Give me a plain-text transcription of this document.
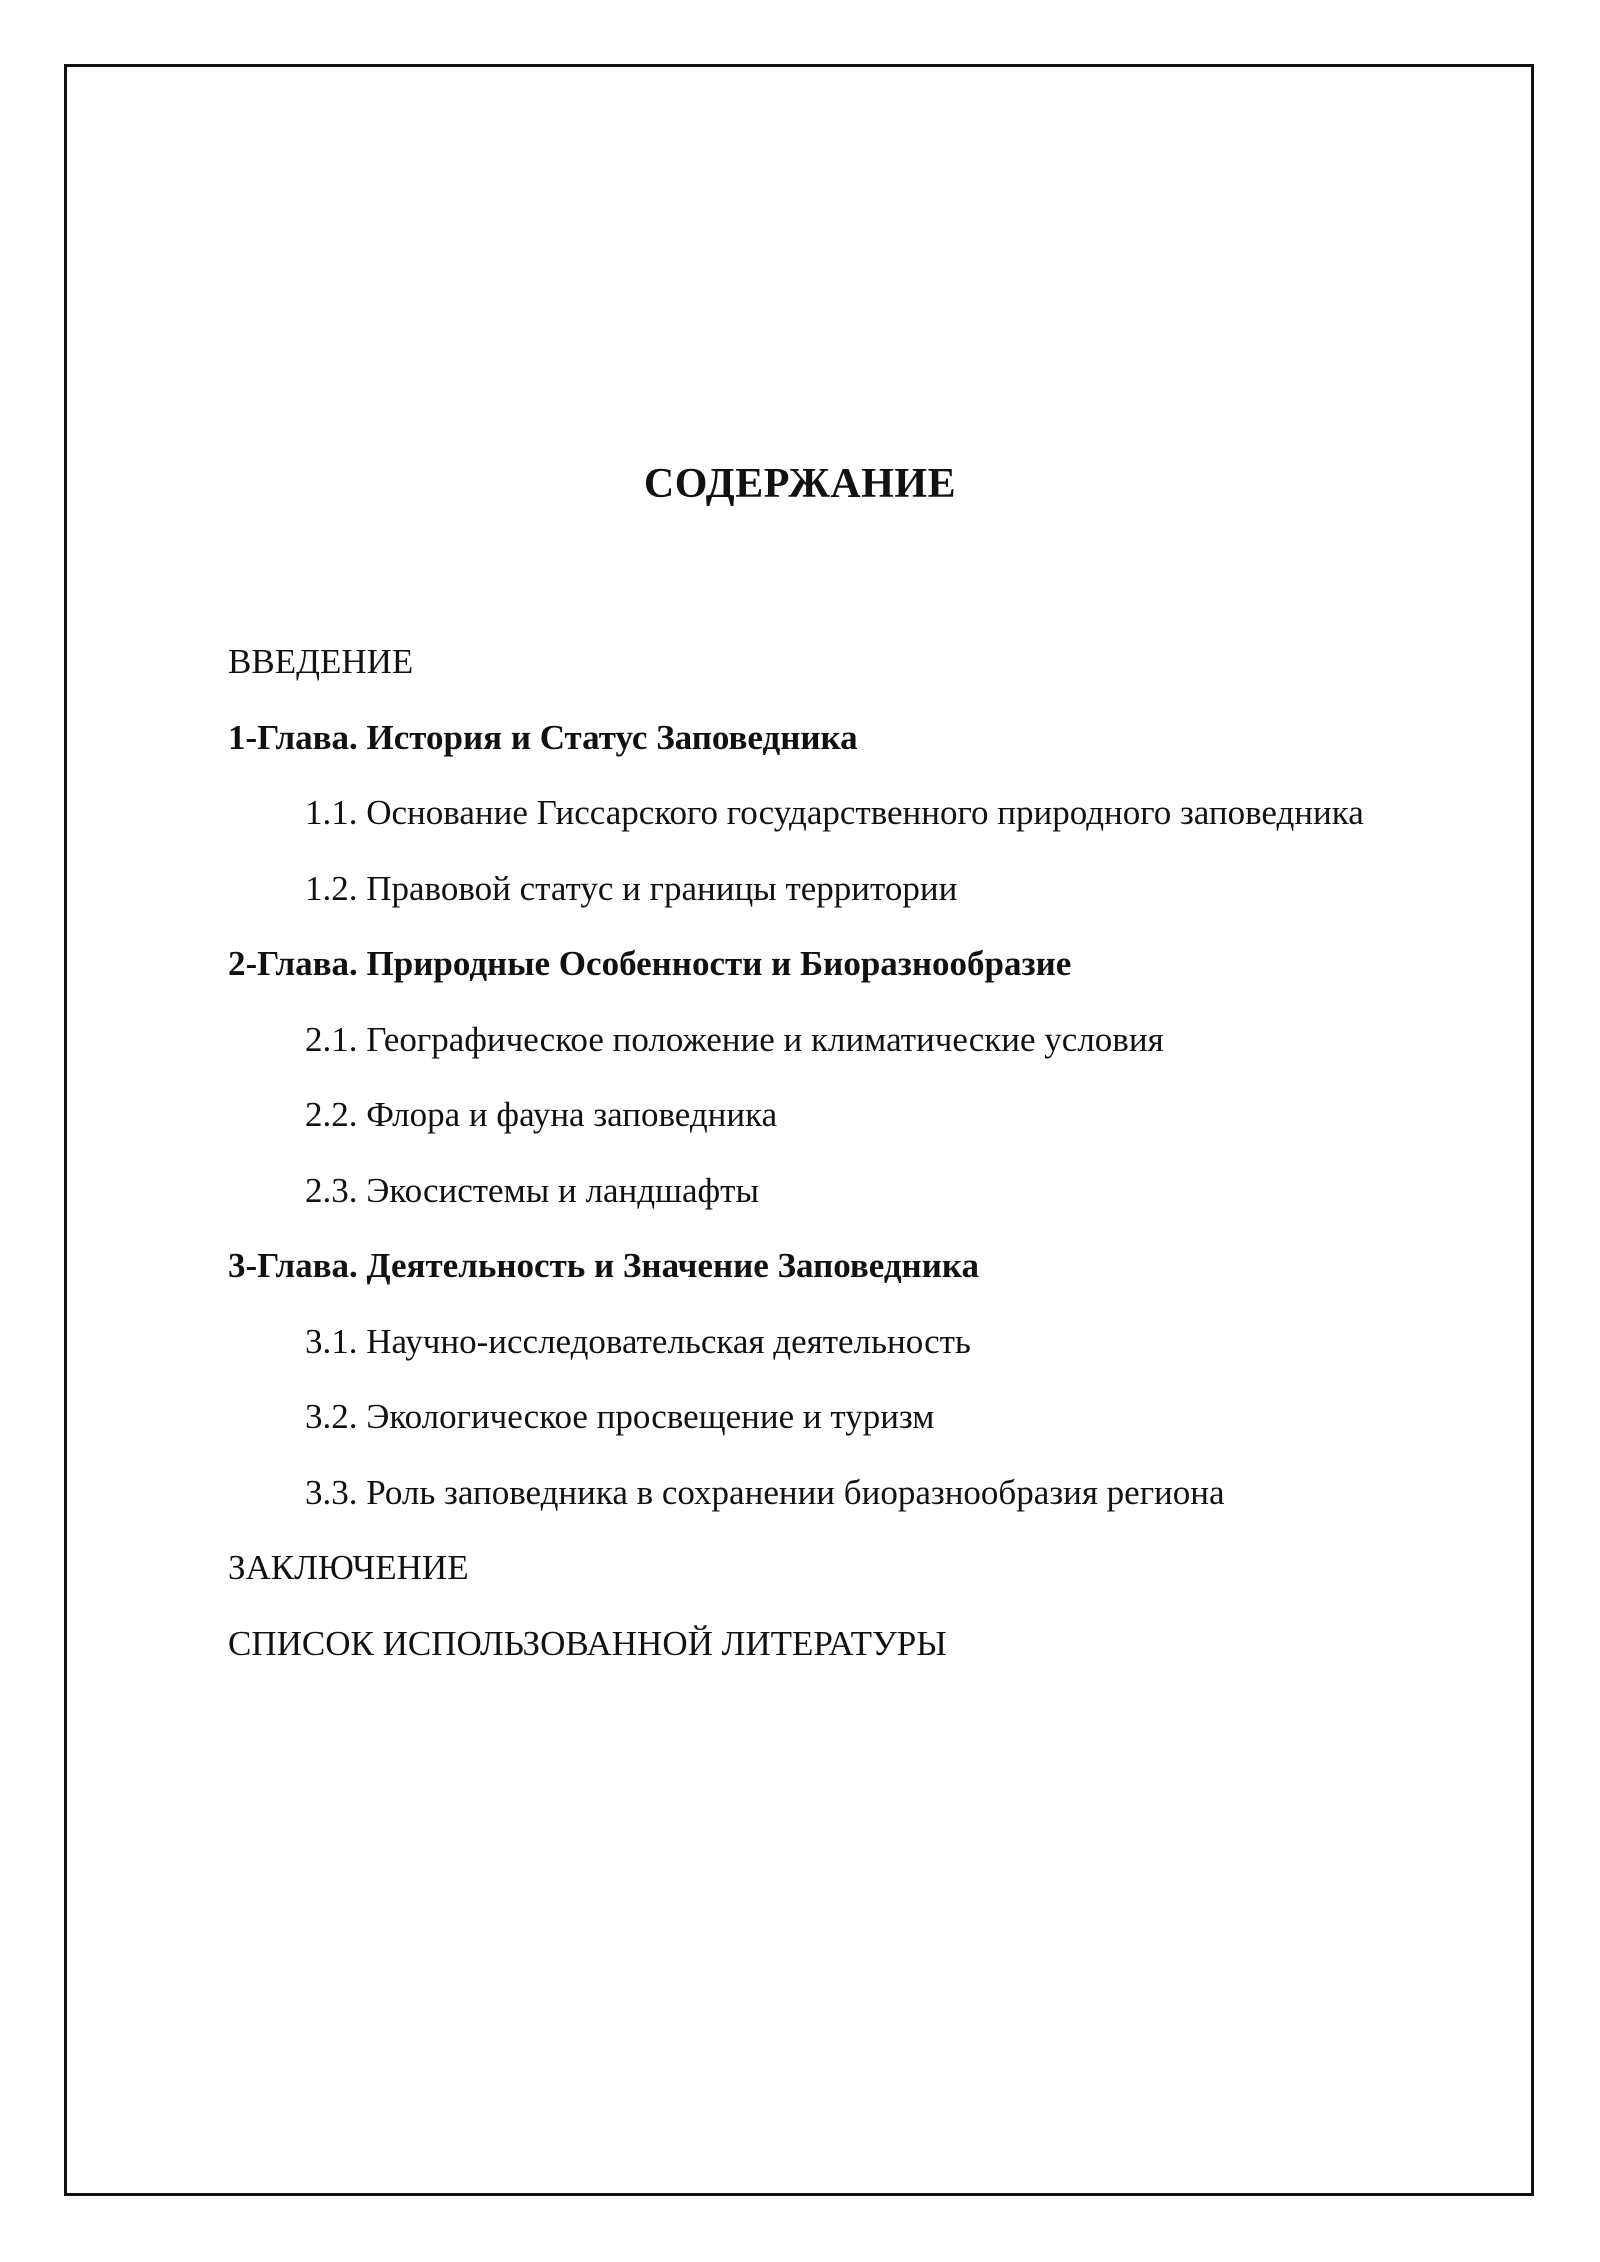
СОДЕРЖАНИЕ
ВВЕДЕНИЕ
1-Глава. История и Статус Заповедника
1.1. Основание Гиссарского государственного природного заповедника
1.2. Правовой статус и границы территории
2-Глава. Природные Особенности и Биоразнообразие
2.1. Географическое положение и климатические условия
2.2. Флора и фауна заповедника
2.3. Экосистемы и ландшафты
3-Глава. Деятельность и Значение Заповедника
3.1. Научно-исследовательская деятельность
3.2. Экологическое просвещение и туризм
3.3. Роль заповедника в сохранении биоразнообразия региона
ЗАКЛЮЧЕНИЕ
СПИСОК ИСПОЛЬЗОВАННОЙ ЛИТЕРАТУРЫ
